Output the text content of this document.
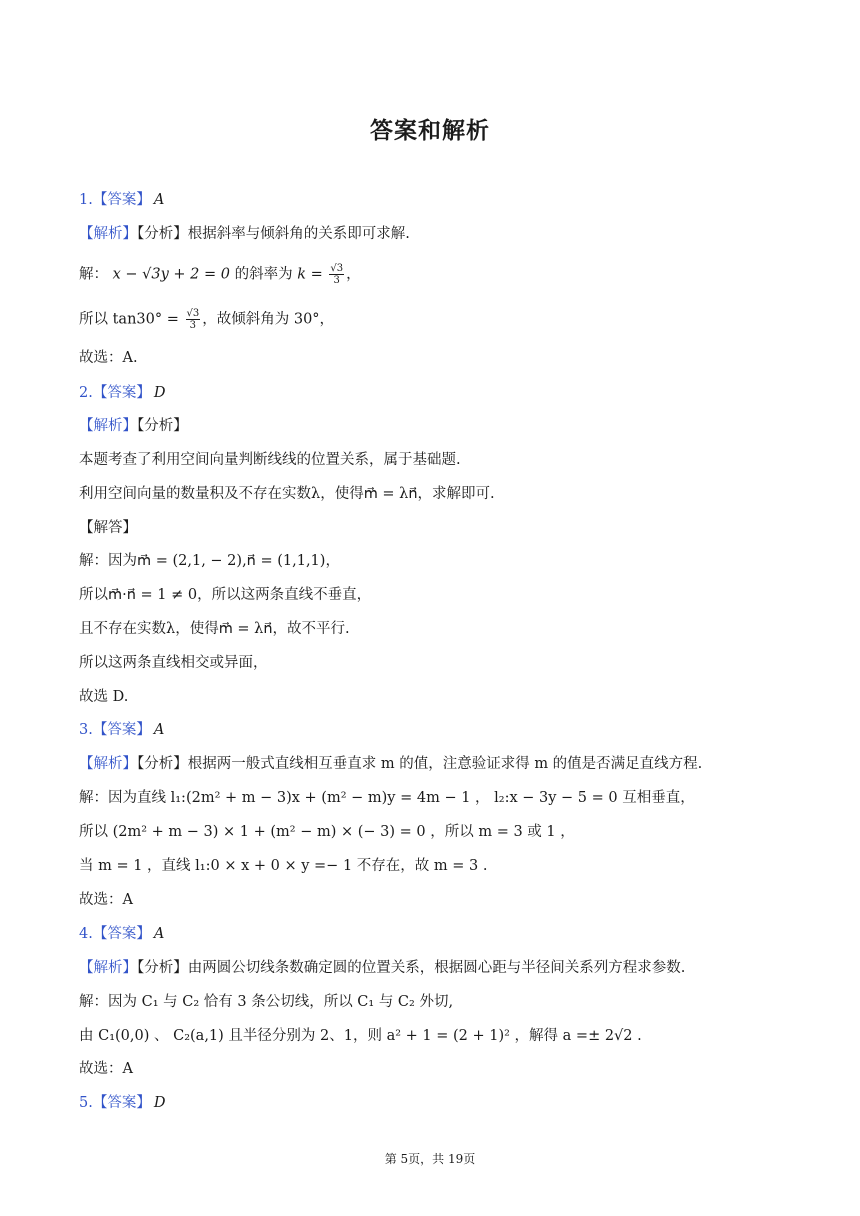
答案和解析
1.【答案】 A
【解析】【分析】根据斜率与倾斜角的关系即可求解.
解： x − √3y + 2 = 0 的斜率为 $k = \frac{√3}{3}$ ，
所以 $\tan 30^\circ = \frac{√3}{3}$ ，故倾斜角为 30°，
故选：A.
2.【答案】 D
【解析】【分析】
本题考查了利用空间向量判断线线的位置关系，属于基础题.
利用空间向量的数量积及不存在实数λ，使得m⃗ = λn⃗，求解即可.
【解答】
解：因为m⃗ = (2,1, − 2),n⃗ = (1,1,1)，
所以m⃗·n⃗ = 1 ≠ 0，所以这两条直线不垂直，
且不存在实数λ，使得m⃗ = λn⃗，故不平行.
所以这两条直线相交或异面，
故选 D.
3.【答案】 A
【解析】【分析】根据两一般式直线相互垂直求 m 的值，注意验证求得 m 的值是否满足直线方程.
解：因为直线 l₁:(2m² + m − 3)x + (m² − m)y = 4m − 1 ， l₂:x − 3y − 5 = 0 互相垂直，
所以 (2m² + m − 3) × 1 + (m² − m) × (− 3) = 0 ，所以 m = 3 或 1 ，
当 m = 1 ，直线 l₁:0 × x + 0 × y =− 1 不存在，故 m = 3 .
故选：A
4.【答案】 A
【解析】【分析】由两圆公切线条数确定圆的位置关系，根据圆心距与半径间关系列方程求参数.
解：因为 C₁ 与 C₂ 恰有 3 条公切线，所以 C₁ 与 C₂ 外切,
由 C₁(0,0) 、 C₂(a,1) 且半径分别为 2、1，则 a² + 1 = (2 + 1)² ，解得 a =± 2√2 .
故选：A
5.【答案】 D
第 5页，共 19页
